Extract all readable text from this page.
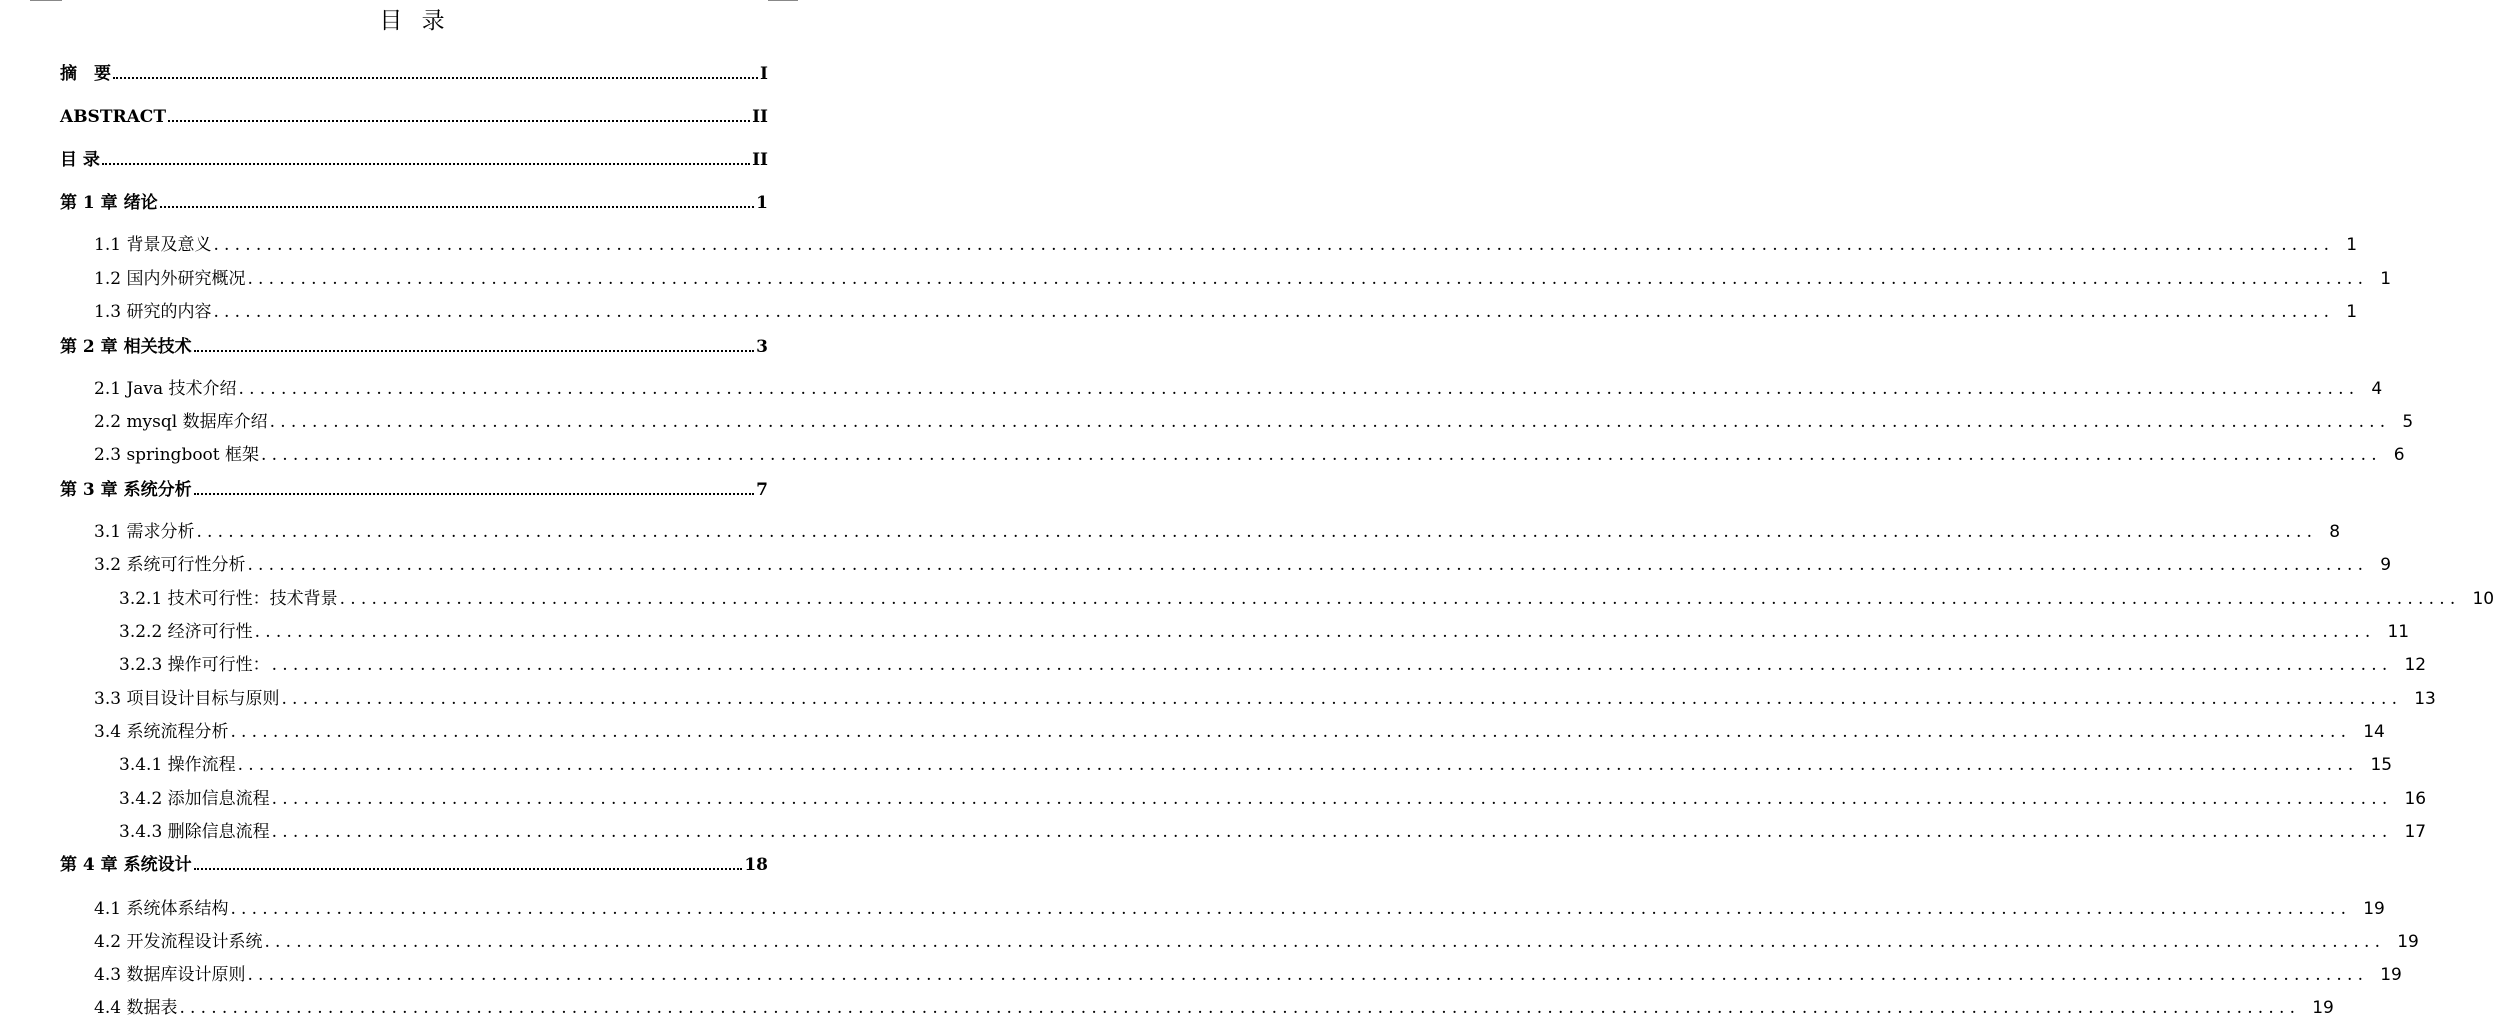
目 录
摘　要	I
ABSTRACT	II
目 录	II
第 1 章 绪论	1
1.1 背景及意义 ........................................................................................................................................................................................................ 1
1.2 国内外研究概况 ........................................................................................................................................................................................................ 1
1.3 研究的内容 ........................................................................................................................................................................................................ 1
第 2 章 相关技术	3
2.1 Java 技术介绍 ........................................................................................................................................................................................................ 4
2.2 mysql 数据库介绍 ........................................................................................................................................................................................................ 5
2.3 springboot 框架 ........................................................................................................................................................................................................ 6
第 3 章 系统分析	7
3.1 需求分析 ........................................................................................................................................................................................................ 8
3.2 系统可行性分析 ........................................................................................................................................................................................................ 9
3.2.1 技术可行性：技术背景 ........................................................................................................................................................................................................ 10
3.2.2 经济可行性 ........................................................................................................................................................................................................ 11
3.2.3 操作可行性： ........................................................................................................................................................................................................ 12
3.3 项目设计目标与原则 ........................................................................................................................................................................................................ 13
3.4 系统流程分析 ........................................................................................................................................................................................................ 14
3.4.1 操作流程 ........................................................................................................................................................................................................ 15
3.4.2 添加信息流程 ........................................................................................................................................................................................................ 16
3.4.3 删除信息流程 ........................................................................................................................................................................................................ 17
第 4 章 系统设计	18
4.1 系统体系结构 ........................................................................................................................................................................................................ 19
4.2 开发流程设计系统 ........................................................................................................................................................................................................ 19
4.3 数据库设计原则 ........................................................................................................................................................................................................ 19
4.4 数据表 ........................................................................................................................................................................................................ 19
